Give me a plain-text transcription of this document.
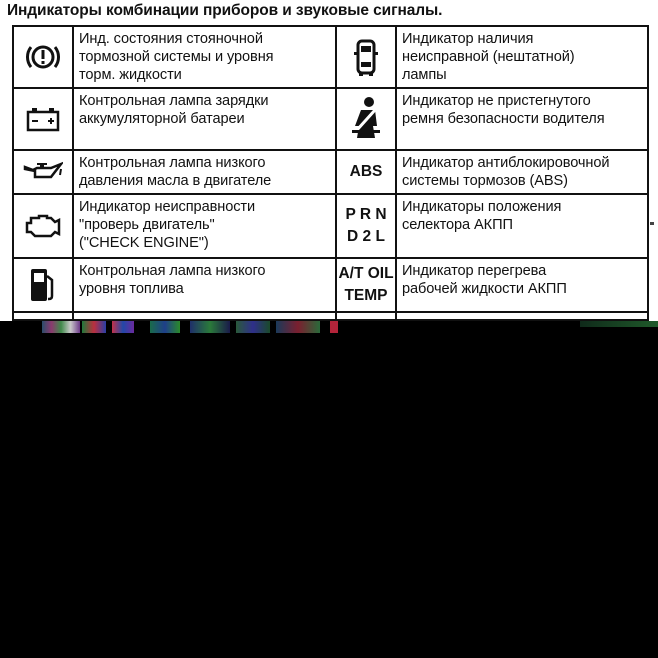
Индикаторы комбинации приборов и звуковые сигналы.
Инд. состояния стояночной
тормозной системы и уровня
торм. жидкости
Индикатор наличия
неисправной (нештатной)
лампы
Контрольная лампа зарядки
аккумуляторной батареи
Индикатор не пристегнутого
ремня безопасности водителя
Контрольная лампа низкого
давления масла в двигателе
ABS Индикатор антиблокировочной
системы тормозов (ABS)
Индикатор неисправности
"проверь двигатель"
("CHECK ENGINE")
P R N
D 2 L
Индикаторы положения
селектора АКПП
Контрольная лампа низкого
уровня топлива
A/T OIL
TEMP
Индикатор перегрева
рабочей жидкости АКПП
